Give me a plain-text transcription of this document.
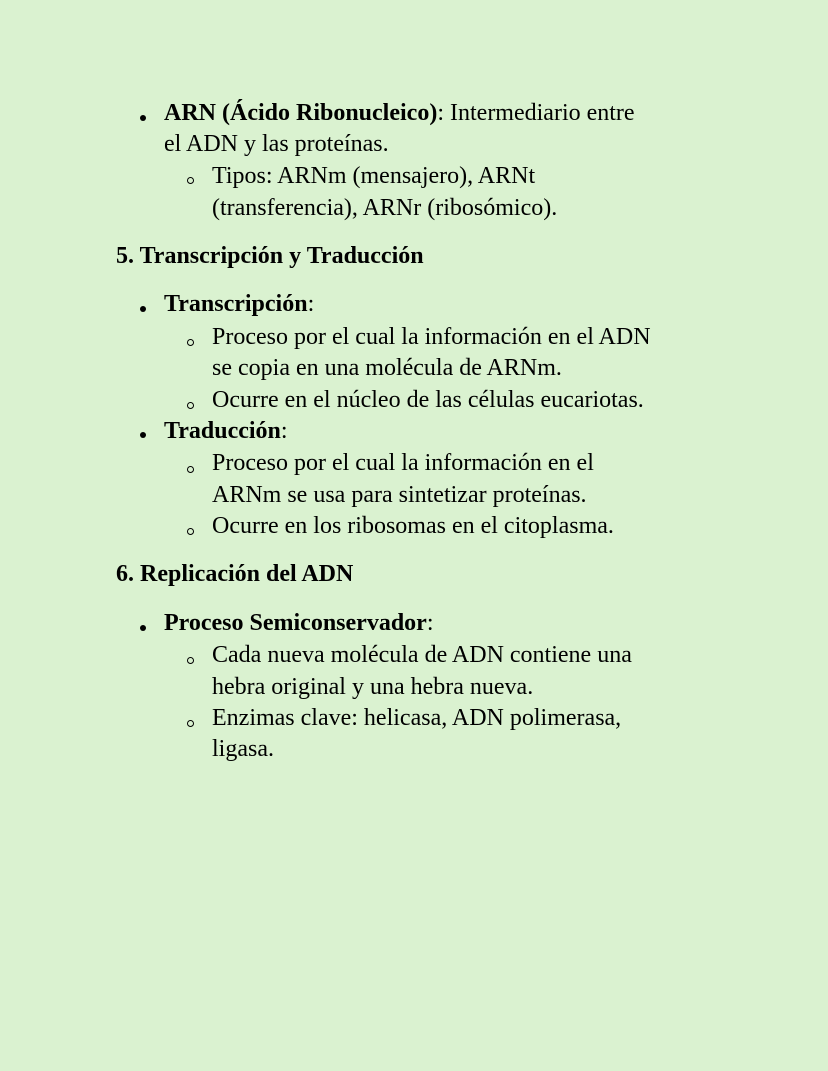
ARN (Ácido Ribonucleico): Intermediario entre
el ADN y las proteínas.
Tipos: ARNm (mensajero), ARNt
(transferencia), ARNr (ribosómico).
5. Transcripción y Traducción
Transcripción:
Proceso por el cual la información en el ADN
se copia en una molécula de ARNm.
Ocurre en el núcleo de las células eucariotas.
Traducción:
Proceso por el cual la información en el
ARNm se usa para sintetizar proteínas.
Ocurre en los ribosomas en el citoplasma.
6. Replicación del ADN
Proceso Semiconservador:
Cada nueva molécula de ADN contiene una
hebra original y una hebra nueva.
Enzimas clave: helicasa, ADN polimerasa,
ligasa.
